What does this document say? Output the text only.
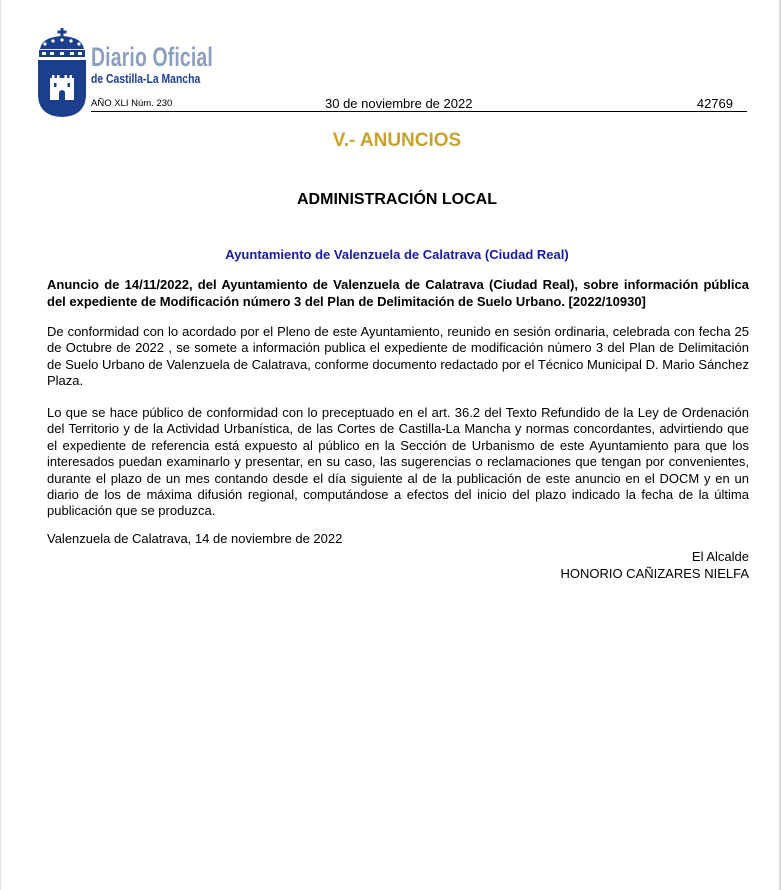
Diario Oficial
de Castilla-La Mancha
AÑO XLI Núm. 230	30 de noviembre de 2022	42769
V.- ANUNCIOS
ADMINISTRACIÓN LOCAL
Ayuntamiento de Valenzuela de Calatrava (Ciudad Real)
Anuncio de 14/11/2022, del Ayuntamiento de Valenzuela de Calatrava (Ciudad Real), sobre información pública del expediente de Modificación número 3 del Plan de Delimitación de Suelo Urbano. [2022/10930]
De conformidad con lo acordado por el Pleno de este Ayuntamiento, reunido en sesión ordinaria, celebrada con fecha 25 de Octubre de 2022 , se somete a información publica el expediente de modificación número 3 del Plan de Delimitación de Suelo Urbano de Valenzuela de Calatrava, conforme documento redactado por el Técnico Municipal D. Mario Sánchez Plaza.
Lo que se hace público de conformidad con lo preceptuado en el art. 36.2 del Texto Refundido de la Ley de Ordenación del Territorio y de la Actividad Urbanística, de las Cortes de Castilla-La Mancha y normas concordantes, advirtiendo que el expediente de referencia está expuesto al público en la Sección de Urbanismo de este Ayuntamiento para que los interesados puedan examinarlo y presentar, en su caso, las sugerencias o reclamaciones que tengan por convenientes, durante el plazo de un mes contando desde el día siguiente al de la publicación de este anuncio en el DOCM y en un diario de los de máxima difusión regional, computándose a efectos del inicio del plazo indicado la fecha de la última publicación que se produzca.
Valenzuela de Calatrava, 14 de noviembre de 2022
El Alcalde
HONORIO CAÑIZARES NIELFA
